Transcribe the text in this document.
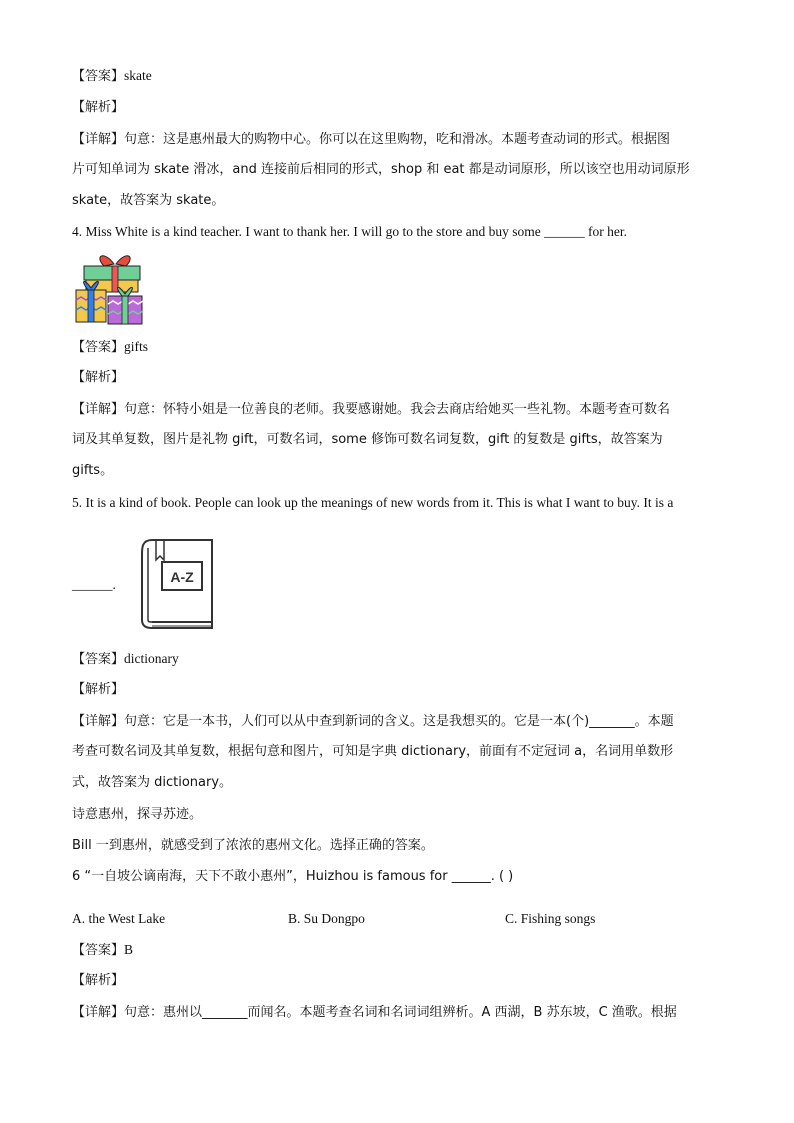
【答案】skate
【解析】
【详解】句意：这是惠州最大的购物中心。你可以在这里购物，吃和滑冰。本题考查动词的形式。根据图
片可知单词为 skate 滑冰，and 连接前后相同的形式，shop 和 eat 都是动词原形，所以该空也用动词原形
skate，故答案为 skate。
4. Miss White is a kind teacher. I want to thank her. I will go to the store and buy some ______ for her.
【答案】gifts
【解析】
【详解】句意：怀特小姐是一位善良的老师。我要感谢她。我会去商店给她买一些礼物。本题考查可数名
词及其单复数，图片是礼物 gift，可数名词，some 修饰可数名词复数，gift 的复数是 gifts，故答案为
gifts。
5. It is a kind of book. People can look up the meanings of new words from it. This is what I want to buy. It is a
______.	A-Z
【答案】dictionary
【解析】
【详解】句意：它是一本书，人们可以从中查到新词的含义。这是我想买的。它是一本(个)_______。本题
考查可数名词及其单复数，根据句意和图片，可知是字典 dictionary，前面有不定冠词 a，名词用单数形
式，故答案为 dictionary。
诗意惠州，探寻苏迹。
Bill 一到惠州，就感受到了浓浓的惠州文化。选择正确的答案。
6 “一自坡公谪南海，天下不敢小惠州”，Huizhou is famous for ______. ( )
A. the West Lake	B. Su Dongpo	C. Fishing songs
【答案】B
【解析】
【详解】句意：惠州以_______而闻名。本题考查名词和名词词组辨析。A 西湖，B 苏东坡，C 渔歌。根据
